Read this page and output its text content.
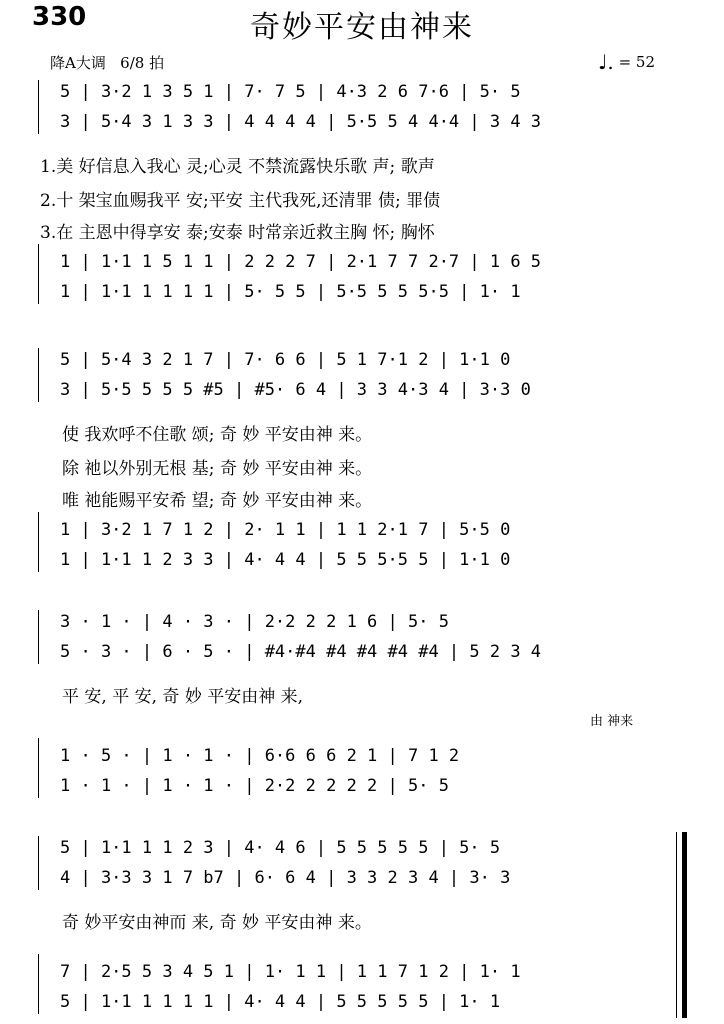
330	奇妙平安由神来
降A大调 6/8 拍	♩. = 52
5 | 3·2 1 3 5 1 | 7· 7 5 | 4·3 2 6 7·6 | 5· 5
3 | 5·4 3 1 3 3 | 4 4 4 4 | 5·5 5 4 4·4 | 3 4 3
1.美 好信息入我心 灵;心灵 不禁流露快乐歌 声; 歌声
2.十 架宝血赐我平 安;平安 主代我死,还清罪 债; 罪债
3.在 主恩中得享安 泰;安泰 时常亲近救主胸 怀; 胸怀
1 | 1·1 1 5 1 1 | 2 2 2 7 | 2·1 7 7 2·7 | 1 6 5
1 | 1·1 1 1 1 1 | 5· 5 5 | 5·5 5 5 5·5 | 1· 1
5 | 5·4 3 2 1 7 | 7· 6 6 | 5 1 7·1 2 | 1·1 0
3 | 5·5 5 5 5 #5 | #5· 6 4 | 3 3 4·3 4 | 3·3 0
使 我欢呼不住歌 颂; 奇 妙 平安由神 来。
除 祂以外别无根 基; 奇 妙 平安由神 来。
唯 祂能赐平安希 望; 奇 妙 平安由神 来。
1 | 3·2 1 7 1 2 | 2· 1 1 | 1 1 2·1 7 | 5·5 0
1 | 1·1 1 2 3 3 | 4· 4 4 | 5 5 5·5 5 | 1·1 0
3 · 1 · | 4 · 3 · | 2·2 2 2 1 6 | 5· 5
5 · 3 · | 6 · 5 · | #4·#4 #4 #4 #4 #4 | 5 2 3 4
平 安, 平 安, 奇 妙 平安由神 来,
由 神来
1 · 5 · | 1 · 1 · | 6·6 6 6 2 1 | 7 1 2
1 · 1 · | 1 · 1 · | 2·2 2 2 2 2 | 5· 5
5 | 1·1 1 1 2 3 | 4· 4 6 | 5 5 5 5 5 | 5· 5
4 | 3·3 3 1 7 b7 | 6· 6 4 | 3 3 2 3 4 | 3· 3
奇 妙平安由神而 来, 奇 妙 平安由神 来。
7 | 2·5 5 3 4 5 1 | 1· 1 1 | 1 1 7 1 2 | 1· 1
5 | 1·1 1 1 1 1 | 4· 4 4 | 5 5 5 5 5 | 1· 1
